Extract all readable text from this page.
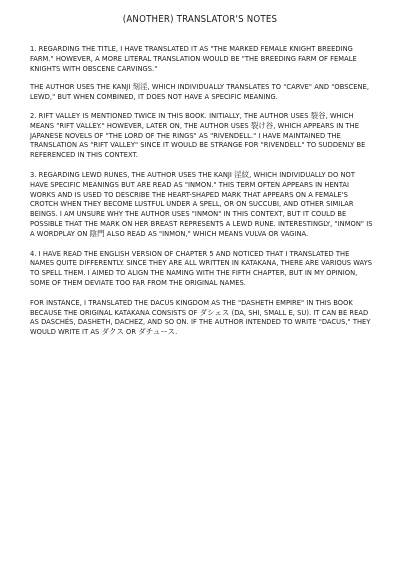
(ANOTHER) TRANSLATOR'S NOTES

1. REGARDING THE TITLE, I HAVE TRANSLATED IT AS "THE MARKED FEMALE KNIGHT BREEDING FARM." HOWEVER, A MORE LITERAL TRANSLATION WOULD BE "THE BREEDING FARM OF FEMALE KNIGHTS WITH OBSCENE CARVINGS."

THE AUTHOR USES THE KANJI 刻淫, WHICH INDIVIDUALLY TRANSLATES TO "CARVE" AND "OBSCENE, LEWD," BUT WHEN COMBINED, IT DOES NOT HAVE A SPECIFIC MEANING.

2. RIFT VALLEY IS MENTIONED TWICE IN THIS BOOK. INITIALLY, THE AUTHOR USES 裂谷, WHICH MEANS "RIFT VALLEY." HOWEVER, LATER ON, THE AUTHOR USES 裂け谷, WHICH APPEARS IN THE JAPANESE NOVELS OF "THE LORD OF THE RINGS" AS "RIVENDELL." I HAVE MAINTAINED THE TRANSLATION AS "RIFT VALLEY" SINCE IT WOULD BE STRANGE FOR "RIVENDELL" TO SUDDENLY BE REFERENCED IN THIS CONTEXT.

3. REGARDING LEWD RUNES, THE AUTHOR USES THE KANJI 淫紋, WHICH INDIVIDUALLY DO NOT HAVE SPECIFIC MEANINGS BUT ARE READ AS "INMON." THIS TERM OFTEN APPEARS IN HENTAI WORKS AND IS USED TO DESCRIBE THE HEART-SHAPED MARK THAT APPEARS ON A FEMALE'S CROTCH WHEN THEY BECOME LUSTFUL UNDER A SPELL, OR ON SUCCUBI, AND OTHER SIMILAR BEINGS. I AM UNSURE WHY THE AUTHOR USES "INMON" IN THIS CONTEXT, BUT IT COULD BE POSSIBLE THAT THE MARK ON HER BREAST REPRESENTS A LEWD RUNE. INTERESTINGLY, "INMON" IS A WORDPLAY ON 陰門 ALSO READ AS "INMON," WHICH MEANS VULVA OR VAGINA.

4. I HAVE READ THE ENGLISH VERSION OF CHAPTER 5 AND NOTICED THAT I TRANSLATED THE NAMES QUITE DIFFERENTLY. SINCE THEY ARE ALL WRITTEN IN KATAKANA, THERE ARE VARIOUS WAYS TO SPELL THEM. I AIMED TO ALIGN THE NAMING WITH THE FIFTH CHAPTER, BUT IN MY OPINION, SOME OF THEM DEVIATE TOO FAR FROM THE ORIGINAL NAMES.

FOR INSTANCE, I TRANSLATED THE DACUS KINGDOM AS THE "DASHETH EMPIRE" IN THIS BOOK BECAUSE THE ORIGINAL KATAKANA CONSISTS OF ダシェス (DA, SHI, SMALL E, SU). IT CAN BE READ AS DASCHÉS, DASHETH, DACHEZ, AND SO ON. IF THE AUTHOR INTENDED TO WRITE "DACUS," THEY WOULD WRITE IT AS ダクス OR ダチュース.
